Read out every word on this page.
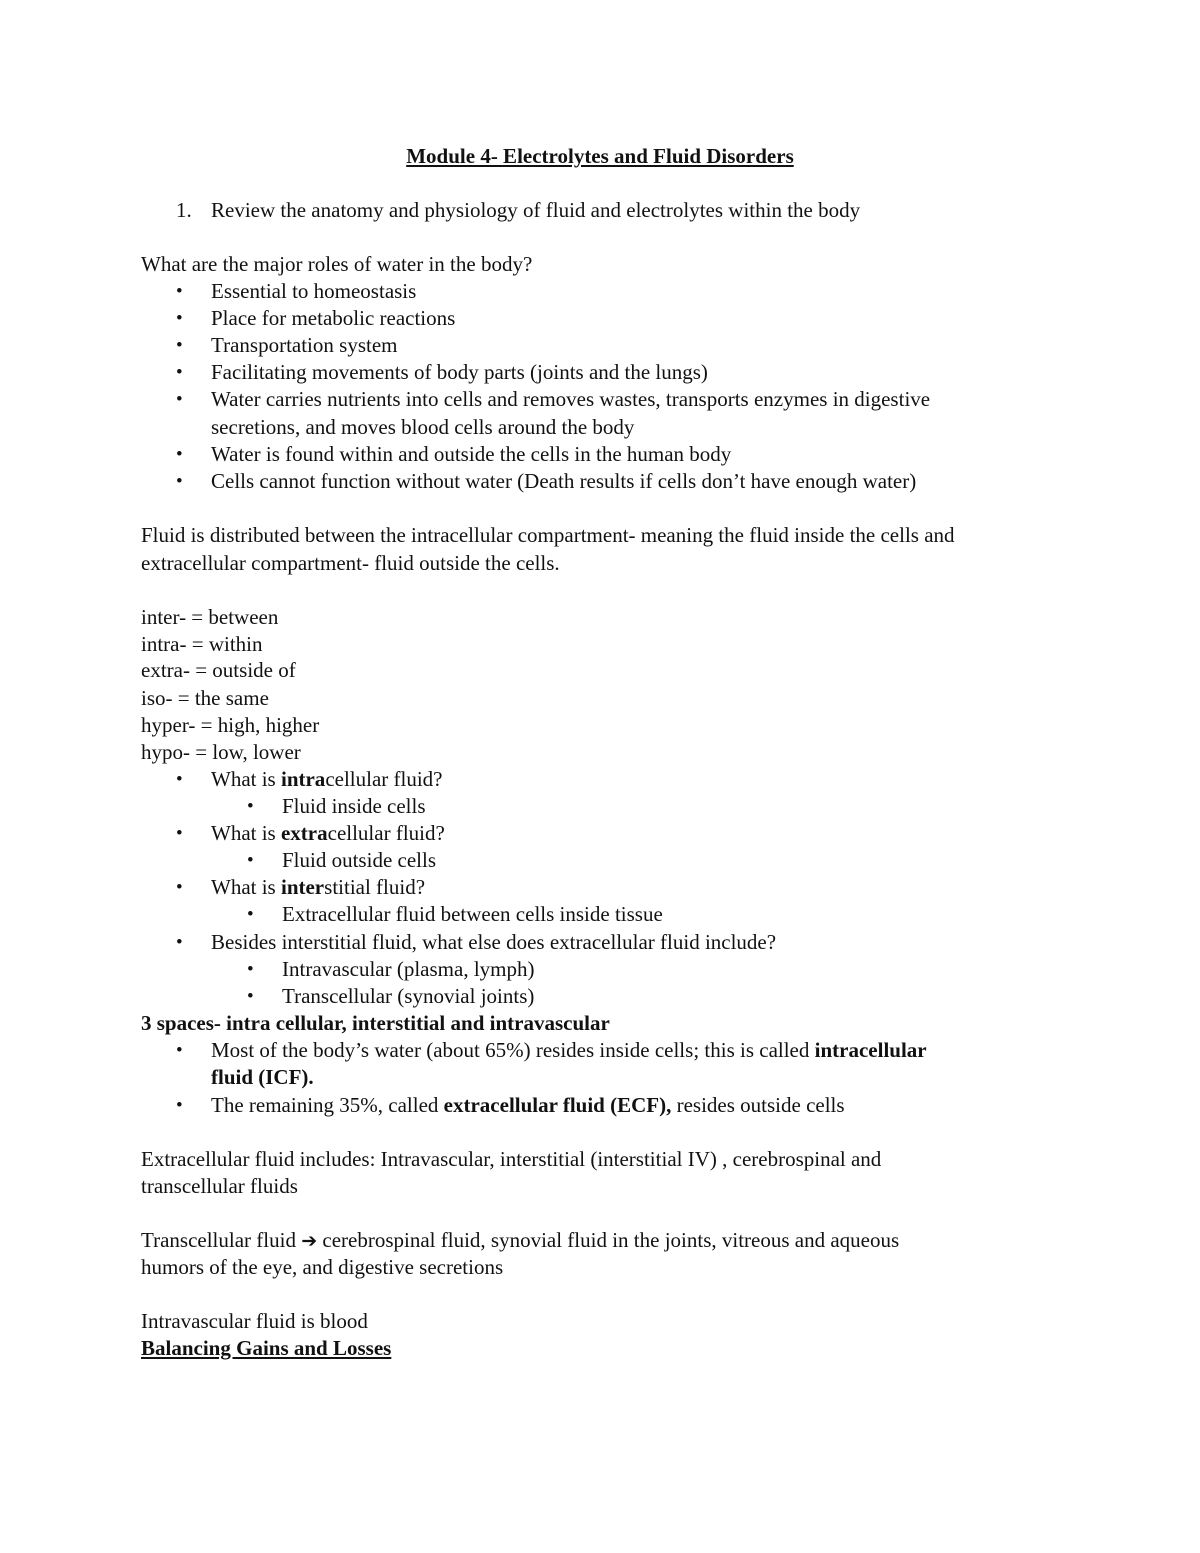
Module 4- Electrolytes and Fluid Disorders
1. Review the anatomy and physiology of fluid and electrolytes within the body
What are the major roles of water in the body?
• Essential to homeostasis
• Place for metabolic reactions
• Transportation system
• Facilitating movements of body parts (joints and the lungs)
• Water carries nutrients into cells and removes wastes, transports enzymes in digestive
secretions, and moves blood cells around the body
• Water is found within and outside the cells in the human body
• Cells cannot function without water (Death results if cells don’t have enough water)
Fluid is distributed between the intracellular compartment- meaning the fluid inside the cells and
extracellular compartment- fluid outside the cells.
inter- = between
intra- = within
extra- = outside of
iso- = the same
hyper- = high, higher
hypo- = low, lower
• What is intracellular fluid?
• Fluid inside cells
• What is extracellular fluid?
• Fluid outside cells
• What is interstitial fluid?
• Extracellular fluid between cells inside tissue
• Besides interstitial fluid, what else does extracellular fluid include?
• Intravascular (plasma, lymph)
• Transcellular (synovial joints)
3 spaces- intra cellular, interstitial and intravascular
• Most of the body’s water (about 65%) resides inside cells; this is called intracellular
fluid (ICF).
• The remaining 35%, called extracellular fluid (ECF), resides outside cells
Extracellular fluid includes: Intravascular, interstitial (interstitial IV) , cerebrospinal and
transcellular fluids
Transcellular fluid ➔ cerebrospinal fluid, synovial fluid in the joints, vitreous and aqueous
humors of the eye, and digestive secretions
Intravascular fluid is blood
Balancing Gains and Losses
